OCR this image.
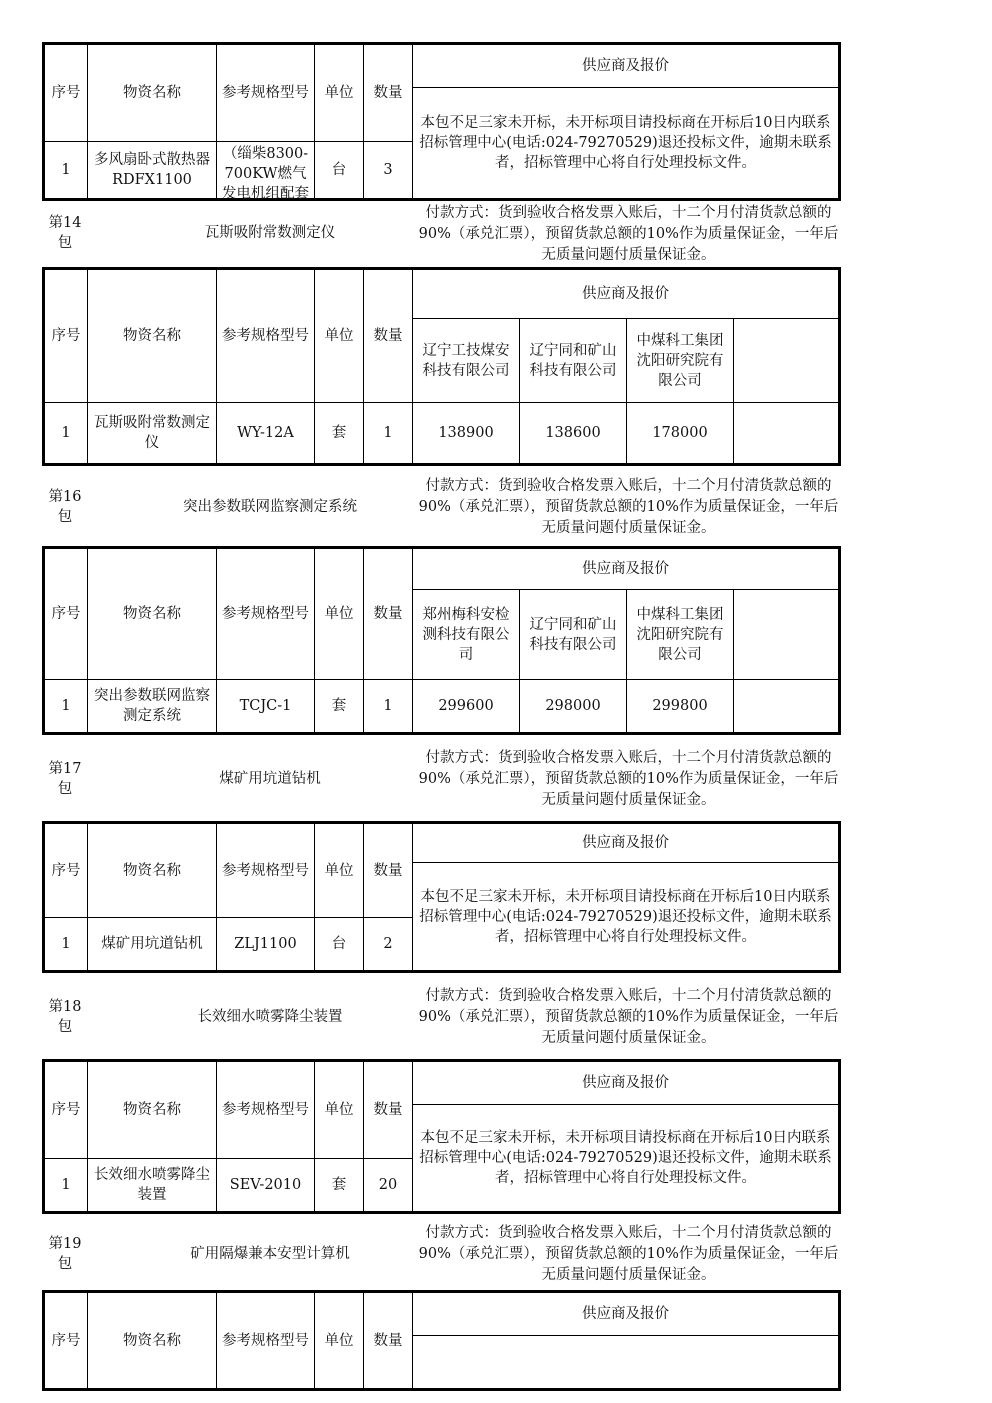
序号	物资名称	参考规格型号	单位	数量	供应商及报价
					本包不足三家未开标，未开标项目请投标商在开标后10日内联系招标管理中心(电话:024-79270529)退还投标文件，逾期未联系者，招标管理中心将自行处理投标文件。
1	多风扇卧式散热器RDFX1100	（缁柴8300-700KW燃气发电机组配套	台	3	
第14包
瓦斯吸附常数测定仪
付款方式：货到验收合格发票入账后，十二个月付清货款总额的90%（承兑汇票），预留货款总额的10%作为质量保证金，一年后无质量问题付质量保证金。
序号	物资名称	参考规格型号	单位	数量	供应商及报价			
					辽宁工技煤安科技有限公司	辽宁同和矿山科技有限公司	中煤科工集团沈阳研究院有限公司	
1	瓦斯吸附常数测定仪	WY-12A	套	1	138900	138600	178000	
第16包
突出参数联网监察测定系统
付款方式：货到验收合格发票入账后，十二个月付清货款总额的90%（承兑汇票），预留货款总额的10%作为质量保证金，一年后无质量问题付质量保证金。
序号	物资名称	参考规格型号	单位	数量	供应商及报价			
					郑州梅科安检测科技有限公司	辽宁同和矿山科技有限公司	中煤科工集团沈阳研究院有限公司	
1	突出参数联网监察测定系统	TCJC-1	套	1	299600	298000	299800	
第17包
煤矿用坑道钻机
付款方式：货到验收合格发票入账后，十二个月付清货款总额的90%（承兑汇票），预留货款总额的10%作为质量保证金，一年后无质量问题付质量保证金。
序号	物资名称	参考规格型号	单位	数量	供应商及报价
					本包不足三家未开标，未开标项目请投标商在开标后10日内联系招标管理中心(电话:024-79270529)退还投标文件，逾期未联系者，招标管理中心将自行处理投标文件。
1	煤矿用坑道钻机	ZLJ1100	台	2	
第18包
长效细水喷雾降尘装置
付款方式：货到验收合格发票入账后，十二个月付清货款总额的90%（承兑汇票），预留货款总额的10%作为质量保证金，一年后无质量问题付质量保证金。
序号	物资名称	参考规格型号	单位	数量	供应商及报价
					本包不足三家未开标，未开标项目请投标商在开标后10日内联系招标管理中心(电话:024-79270529)退还投标文件，逾期未联系者，招标管理中心将自行处理投标文件。
1	长效细水喷雾降尘装置	SEV-2010	套	20	
第19包
矿用隔爆兼本安型计算机
付款方式：货到验收合格发票入账后，十二个月付清货款总额的90%（承兑汇票），预留货款总额的10%作为质量保证金，一年后无质量问题付质量保证金。
序号	物资名称	参考规格型号	单位	数量	供应商及报价
